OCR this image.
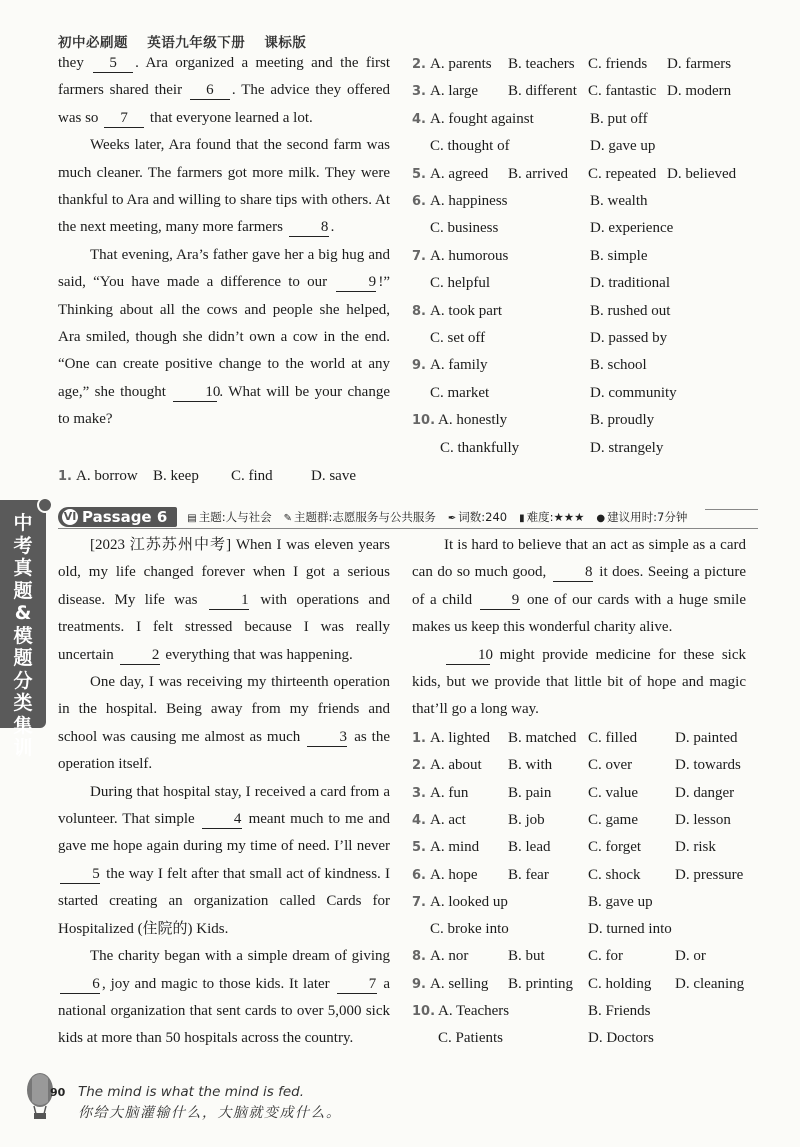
初中必刷题 英语九年级下册 课标版

they 5 . Ara organized a meeting and the first farmers shared their 6 . The advice they offered was so 7 that everyone learned a lot.

Weeks later, Ara found that the second farm was much cleaner. The farmers got more milk. They were thankful to Ara and willing to share tips with others. At the next meeting, many more farmers 8 .

That evening, Ara’s father gave her a big hug and said, “You have made a difference to our 9 !” Thinking about all the cows and people she helped, Ara smiled, though she didn’t own a cow in the end. “One can create positive change to the world at any age,” she thought 10. What will be your change to make?

1. A. borrow B. keep C. find	D. save
2. A. parents B. teachers C. friends D. farmers
3. A. large B. different C. fantastic D. modern
4. A. fought against	B. put off
C. thought of	D. gave up
5. A. agreed B. arrived C. repeated D. believed
6. A. happiness	B. wealth
C. business	D. experience
7. A. humorous	B. simple
C. helpful	D. traditional
8. A. took part	B. rushed out
C. set off	D. passed by
9. A. family	B. school
C. market	D. community
10. A. honestly	B. proudly
C. thankfully	D. strangely
VI Passage 6 ▤ 主题:人与社会 ✎ 主题群:志愿服务与公共服务 ✒ 词数:240 ▮ 难度:★★★ ● 建议用时:7分钟
中考真题&模题分类集训

[2023 江苏苏州中考] When I was eleven years old, my life changed forever when I got a serious disease. My life was 1 with operations and treatments. I felt stressed because I was really uncertain 2 everything that was happening.

One day, I was receiving my thirteenth operation in the hospital. Being away from my friends and school was causing me almost as much 3 as the operation itself.

During that hospital stay, I received a card from a volunteer. That simple 4 meant much to me and gave me hope again during my time of need. I’ll never 5 the way I felt after that small act of kindness. I started creating an organization called Cards for Hospitalized (住院的) Kids.

The charity began with a simple dream of giving 6 , joy and magic to those kids. It later 7 a national organization that sent cards to over 5,000 sick kids at more than 50 hospitals across the country.

It is hard to believe that an act as simple as a card can do so much good, 8 it does. Seeing a picture of a child 9 one of our cards with a huge smile makes us keep this wonderful charity alive.

10 might provide medicine for these sick kids, but we provide that little bit of hope and magic that’ll go a long way.

1. A. lighted B. matched C. filled	D. painted
2. A. about B. with C. over	D. towards
3. A. fun	B. pain C. value D. danger
4. A. act	B. job	C. game D. lesson
5. A. mind B. lead	C. forget D. risk
6. A. hope B. fear	C. shock D. pressure
7. A. looked up	B. gave up
C. broke into	D. turned into
8. A. nor	B. but	C. for	D. or
9. A. selling B. printing C. holding D. cleaning
10. A. Teachers	B. Friends
C. Patients	D. Doctors
90 The mind is what the mind is fed.
你给大脑灌输什么，大脑就变成什么。
